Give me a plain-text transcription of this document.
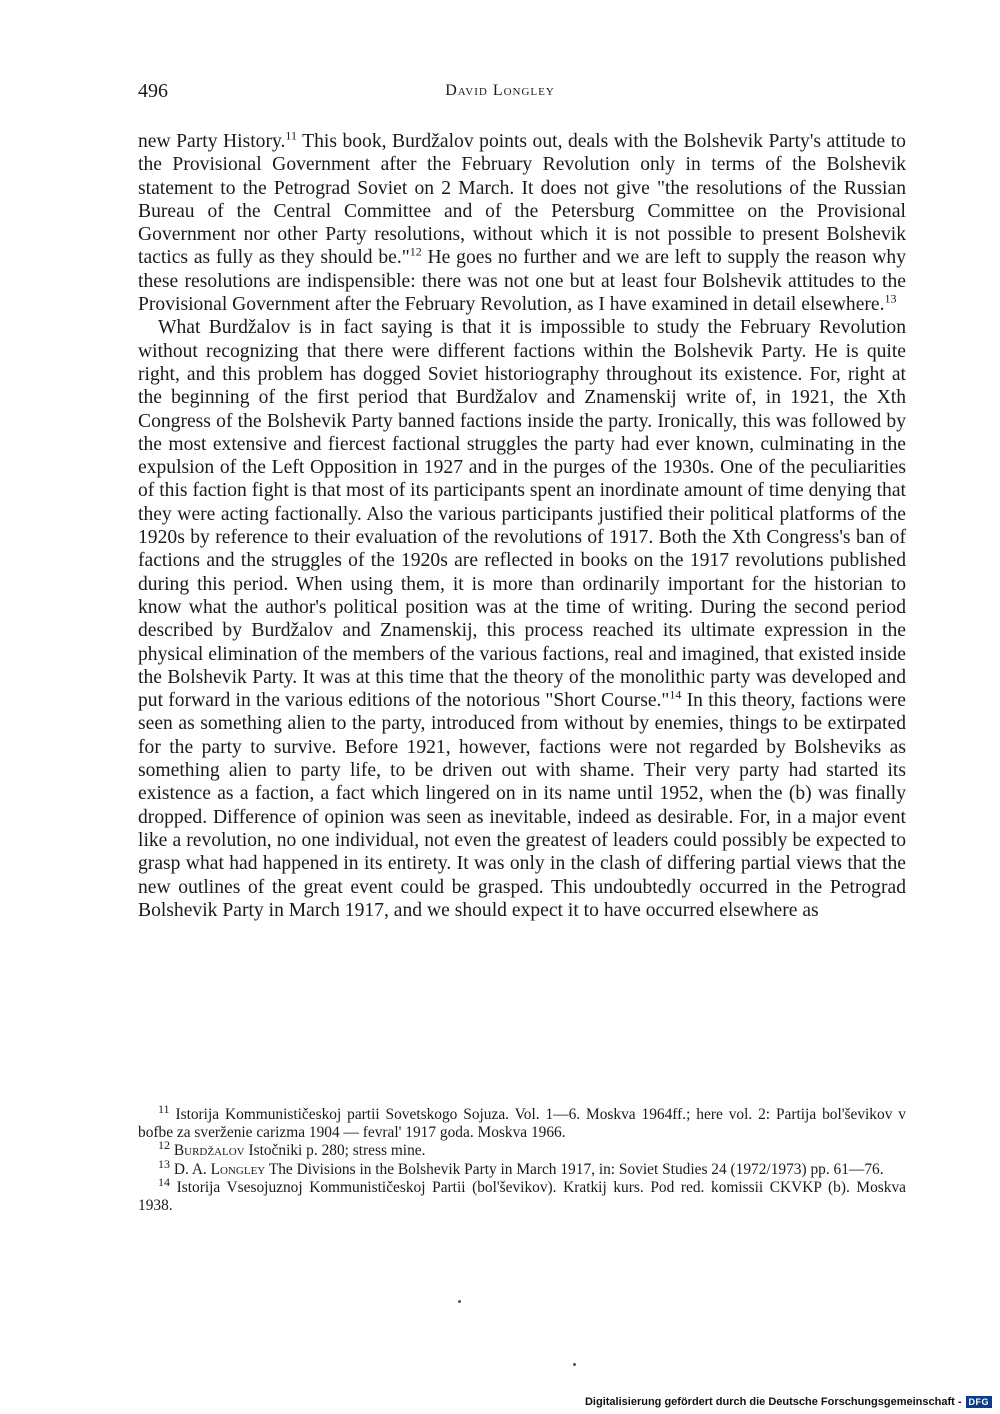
496	David Longley

new Party History.$^{11}$ This book, Burdžalov points out, deals with the Bolshevik Party's attitude to the Provisional Government after the February Revolution only in terms of the Bolshevik statement to the Petrograd Soviet on 2 March. It does not give "the resolutions of the Russian Bureau of the Central Committee and of the Petersburg Committee on the Provisional Government nor other Party resolutions, without which it is not possible to present Bolshevik tactics as fully as they should be."$^{12}$ He goes no further and we are left to supply the reason why these resolutions are indispensible: there was not one but at least four Bolshevik attitudes to the Provisional Government after the February Revolution, as I have examined in detail elsewhere.$^{13}$

What Burdžalov is in fact saying is that it is impossible to study the February Revolution without recognizing that there were different factions within the Bolshevik Party. He is quite right, and this problem has dogged Soviet historiography throughout its existence. For, right at the beginning of the first period that Burdžalov and Znamenskij write of, in 1921, the Xth Congress of the Bolshevik Party banned factions inside the party. Ironically, this was followed by the most extensive and fiercest factional struggles the party had ever known, culminating in the expulsion of the Left Opposition in 1927 and in the purges of the 1930s. One of the peculiarities of this faction fight is that most of its participants spent an inordinate amount of time denying that they were acting factionally. Also the various participants justified their political platforms of the 1920s by reference to their evaluation of the revolutions of 1917. Both the Xth Congress's ban of factions and the struggles of the 1920s are reflected in books on the 1917 revolutions published during this period. When using them, it is more than ordinarily important for the historian to know what the author's political position was at the time of writing. During the second period described by Burdžalov and Znamenskij, this process reached its ultimate expression in the physical elimination of the members of the various factions, real and imagined, that existed inside the Bolshevik Party. It was at this time that the theory of the monolithic party was developed and put forward in the various editions of the notorious "Short Course."$^{14}$ In this theory, factions were seen as something alien to the party, introduced from without by enemies, things to be extirpated for the party to survive. Before 1921, however, factions were not regarded by Bolsheviks as something alien to party life, to be driven out with shame. Their very party had started its existence as a faction, a fact which lingered on in its name until 1952, when the (b) was finally dropped. Difference of opinion was seen as inevitable, indeed as desirable. For, in a major event like a revolution, no one individual, not even the greatest of leaders could possibly be expected to grasp what had happened in its entirety. It was only in the clash of differing partial views that the new outlines of the great event could be grasped. This undoubtedly occurred in the Petrograd Bolshevik Party in March 1917, and we should expect it to have occurred elsewhere as

$^{11}$ Istorija Kommunističeskoj partii Sovetskogo Sojuza. Vol. 1—6. Moskva 1964ff.; here vol. 2: Partija bol'ševikov v bofbe za sverženie carizma 1904 — fevral' 1917 goda. Moskva 1966.

$^{12}$ Burdžalov Istočniki p. 280; stress mine.

$^{13}$ D. A. Longley The Divisions in the Bolshevik Party in March 1917, in: Soviet Studies 24 (1972/1973) pp. 61—76.

$^{14}$ Istorija Vsesojuznoj Kommunističeskoj Partii (bol'ševikov). Kratkij kurs. Pod red. komissii CKVKP (b). Moskva 1938.

Digitalisierung gefördert durch die Deutsche Forschungsgemeinschaft - DFG
